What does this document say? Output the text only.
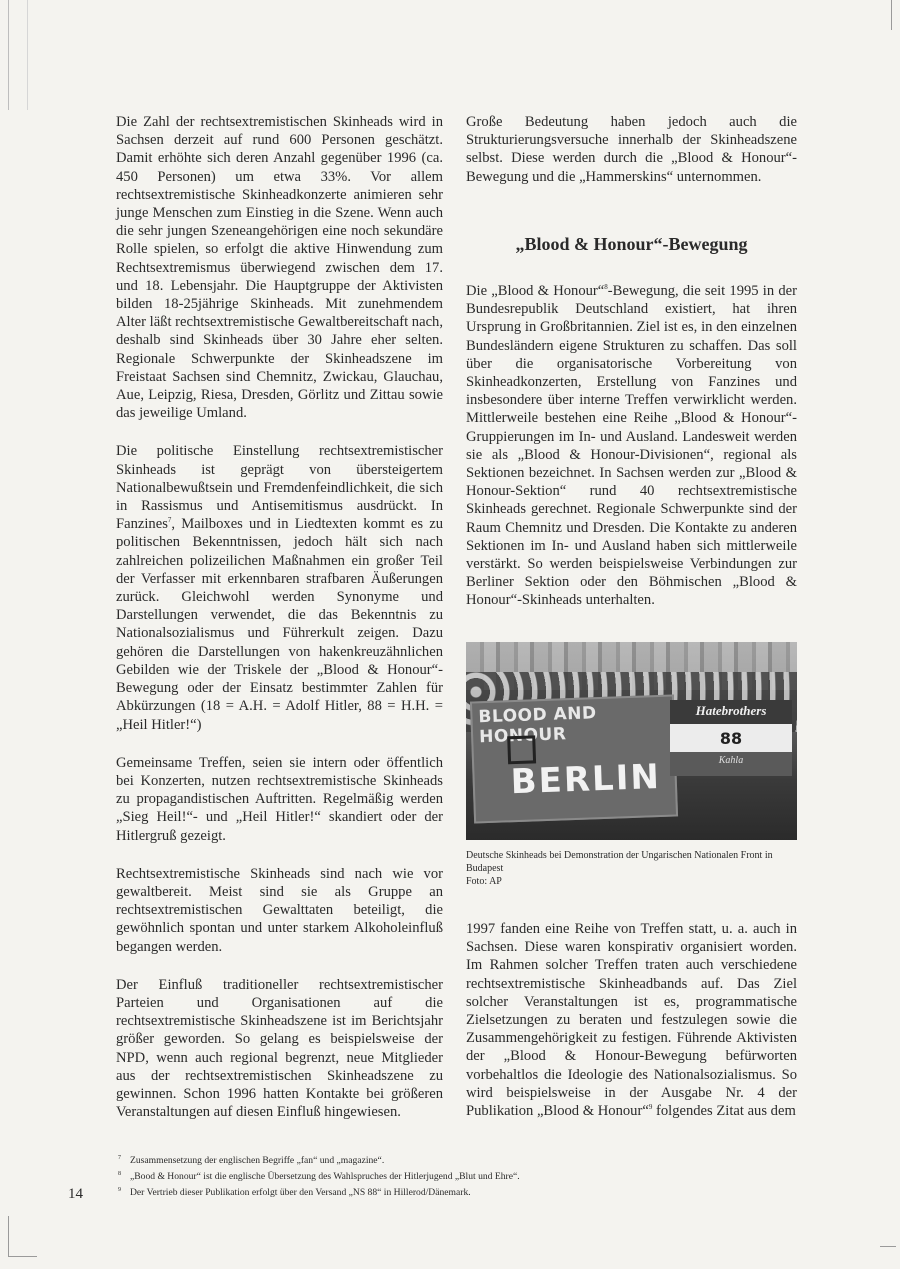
Die Zahl der rechtsextremistischen Skinheads wird in Sachsen derzeit auf rund 600 Personen geschätzt. Damit erhöhte sich deren Anzahl gegenüber 1996 (ca. 450 Personen) um etwa 33%. Vor allem rechtsextremistische Skinheadkonzerte animieren sehr junge Menschen zum Einstieg in die Szene. Wenn auch die sehr jungen Szeneangehörigen eine noch sekundäre Rolle spielen, so erfolgt die aktive Hinwendung zum Rechtsextremismus überwiegend zwischen dem 17. und 18. Lebensjahr. Die Hauptgruppe der Aktivisten bilden 18-25jährige Skinheads. Mit zunehmendem Alter läßt rechtsextremistische Gewaltbereitschaft nach, deshalb sind Skinheads über 30 Jahre eher selten. Regionale Schwerpunkte der Skinheadszene im Freistaat Sachsen sind Chemnitz, Zwickau, Glauchau, Aue, Leipzig, Riesa, Dresden, Görlitz und Zittau sowie das jeweilige Umland.

Die politische Einstellung rechtsextremistischer Skinheads ist geprägt von übersteigertem Nationalbewußtsein und Fremdenfeindlichkeit, die sich in Rassismus und Antisemitismus ausdrückt. In Fanzines$^7$, Mailboxes und in Liedtexten kommt es zu politischen Bekenntnissen, jedoch hält sich nach zahlreichen polizeilichen Maßnahmen ein großer Teil der Verfasser mit erkennbaren strafbaren Äußerungen zurück. Gleichwohl werden Synonyme und Darstellungen verwendet, die das Bekenntnis zu Nationalsozialismus und Führerkult zeigen. Dazu gehören die Darstellungen von hakenkreuzähnlichen Gebilden wie der Triskele der „Blood & Honour“-Bewegung oder der Einsatz bestimmter Zahlen für Abkürzungen (18 = A.H. = Adolf Hitler, 88 = H.H. = „Heil Hitler!“)

Gemeinsame Treffen, seien sie intern oder öffentlich bei Konzerten, nutzen rechtsextremistische Skinheads zu propagandistischen Auftritten. Regelmäßig werden „Sieg Heil!“- und „Heil Hitler!“ skandiert oder der Hitlergruß gezeigt.

Rechtsextremistische Skinheads sind nach wie vor gewaltbereit. Meist sind sie als Gruppe an rechtsextremistischen Gewalttaten beteiligt, die gewöhnlich spontan und unter starkem Alkoholeinfluß begangen werden.

Der Einfluß traditioneller rechtsextremistischer Parteien und Organisationen auf die rechtsextremistische Skinheadszene ist im Berichtsjahr größer geworden. So gelang es beispielsweise der NPD, wenn auch regional begrenzt, neue Mitglieder aus der rechtsextremistischen Skinheadszene zu gewinnen. Schon 1996 hatten Kontakte bei größeren Veranstaltungen auf diesen Einfluß hingewiesen.

Große Bedeutung haben jedoch auch die Strukturierungsversuche innerhalb der Skinheadszene selbst. Diese werden durch die „Blood & Honour“-Bewegung und die „Hammerskins“ unternommen.
„Blood & Honour“-Bewegung
Die „Blood & Honour“$^8$-Bewegung, die seit 1995 in der Bundesrepublik Deutschland existiert, hat ihren Ursprung in Großbritannien. Ziel ist es, in den einzelnen Bundesländern eigene Strukturen zu schaffen. Das soll über die organisatorische Vorbereitung von Skinheadkonzerten, Erstellung von Fanzines und insbesondere über interne Treffen verwirklicht werden. Mittlerweile bestehen eine Reihe „Blood & Honour“-Gruppierungen im In- und Ausland. Landesweit werden sie als „Blood & Honour-Divisionen“, regional als Sektionen bezeichnet. In Sachsen werden zur „Blood & Honour-Sektion“ rund 40 rechtsextremistische Skinheads gerechnet. Regionale Schwerpunkte sind der Raum Chemnitz und Dresden. Die Kontakte zu anderen Sektionen im In- und Ausland haben sich mittlerweile verstärkt. So werden beispielsweise Verbindungen zur Berliner Sektion oder den Böhmischen „Blood & Honour“-Skinheads unterhalten.
BLOOD AND HONOUR
BERLIN
Hatebrothers
88
Kahla
Deutsche Skinheads bei Demonstration der Ungarischen Nationalen Front in Budapest
Foto: AP
1997 fanden eine Reihe von Treffen statt, u. a. auch in Sachsen. Diese waren konspirativ organisiert worden. Im Rahmen solcher Treffen traten auch verschiedene rechtsextremistische Skinheadbands auf. Das Ziel solcher Veranstaltungen ist es, programmatische Zielsetzungen zu beraten und festzulegen sowie die Zusammengehörigkeit zu festigen. Führende Aktivisten der „Blood & Honour-Bewegung befürworten vorbehaltlos die Ideologie des Nationalsozialismus. So wird beispielsweise in der Ausgabe Nr. 4 der Publikation „Blood & Honour“$^9$ folgendes Zitat aus dem
7 Zusammensetzung der englischen Begriffe „fan“ und „magazine“.
8 „Bood & Honour“ ist die englische Übersetzung des Wahlspruches der Hitlerjugend „Blut und Ehre“.
9 Der Vertrieb dieser Publikation erfolgt über den Versand „NS 88“ in Hillerod/Dänemark.
14
